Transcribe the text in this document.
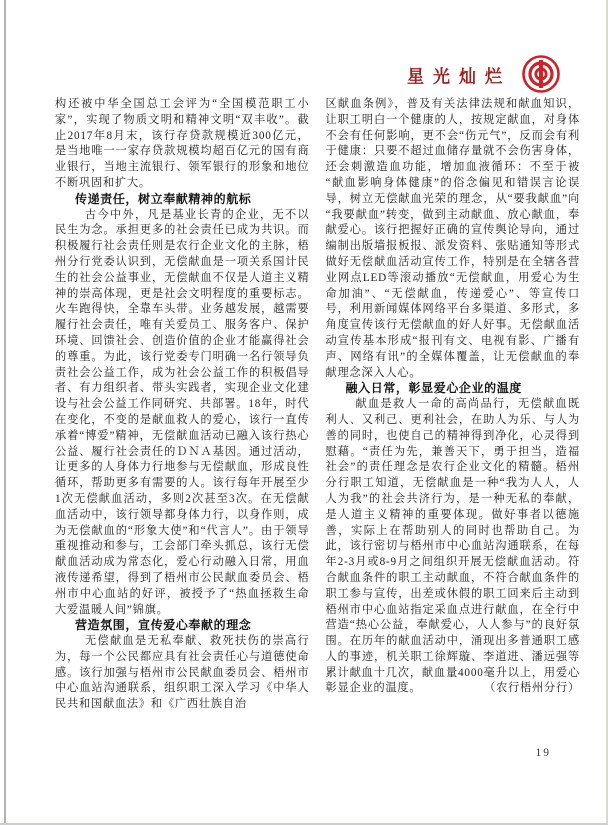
星光灿烂

构还被中华全国总工会评为“全国模范职工小家”，实现了物质文明和精神文明“双丰收”。截止2017年8月末，该行存贷款规模近300亿元，是当地唯一一家存贷款规模均超百亿元的国有商业银行，当地主流银行、领军银行的形象和地位不断巩固和扩大。

传递责任，树立奉献精神的航标

古今中外，凡是基业长青的企业，无不以民生为念。承担更多的社会责任已成为共识。而积极履行社会责任则是农行企业文化的主脉，梧州分行党委认识到，无偿献血是一项关系国计民生的社会公益事业，无偿献血不仅是人道主义精神的崇高体现，更是社会文明程度的重要标志。火车跑得快，全靠车头带。业务越发展，越需要履行社会责任，唯有关爱员工、服务客户、保护环境、回馈社会、创造价值的企业才能赢得社会的尊重。为此，该行党委专门明确一名行领导负责社会公益工作，成为社会公益工作的积极倡导者、有力组织者、带头实践者，实现企业文化建设与社会公益工作同研究、共部署。18年，时代在变化，不变的是献血救人的爱心，该行一直传承着“博爱”精神，无偿献血活动已融入该行热心公益、履行社会责任的ＤＮＡ基因。通过活动，让更多的人身体力行地参与无偿献血，形成良性循环，帮助更多有需要的人。该行每年开展至少1次无偿献血活动，多则2次甚至3次。在无偿献血活动中，该行领导都身体力行，以身作则，成为无偿献血的“形象大使”和“代言人”。由于领导重视推动和参与，工会部门牵头抓总，该行无偿献血活动成为常态化，爱心行动融入日常，用血液传递希望，得到了梧州市公民献血委员会、梧州市中心血站的好评，被授予了“热血拯救生命　大爱温暖人间”锦旗。

营造氛围，宣传爱心奉献的理念

无偿献血是无私奉献、救死扶伤的崇高行为，每一个公民都应具有社会责任心与道德使命感。该行加强与梧州市公民献血委员会、梧州市中心血站沟通联系，组织职工深入学习《中华人民共和国献血法》和《广西壮族自治

区献血条例》，普及有关法律法规和献血知识，让职工明白一个健康的人，按规定献血，对身体不会有任何影响，更不会“伤元气”，反而会有利于健康：只要不超过血储存量就不会伤害身体，还会刺激造血功能，增加血液循环：不至于被“献血影响身体健康”的俗念偏见和错误言论误导，树立无偿献血光荣的理念，从“要我献血”向“我要献血”转变，做到主动献血、放心献血，奉献爱心。该行把握好正确的宣传舆论导向，通过编制出版墙报板报、派发资料、张贴通知等形式做好无偿献血活动宣传工作，特别是在全辖各营业网点LED等滚动播放“无偿献血，用爱心为生命加油”、“无偿献血，传递爱心”、等宣传口号，利用新闻媒体网络平台多渠道、多形式，多角度宣传该行无偿献血的好人好事。无偿献血活动宣传基本形成“报刊有文、电视有影、广播有声、网络有讯”的全媒体覆盖，让无偿献血的奉献理念深入人心。

融入日常，彰显爱心企业的温度

献血是救人一命的高尚品行，无偿献血既利人、又利己、更利社会，在助人为乐、与人为善的同时，也使自己的精神得到净化，心灵得到慰藉。“责任为先，兼善天下，勇于担当，造福社会”的责任理念是农行企业文化的精髓。梧州分行职工知道，无偿献血是一种“我为人人，人人为我”的社会共济行为，是一种无私的奉献，是人道主义精神的重要体现。做好事者以德施善，实际上在帮助别人的同时也帮助自己。为此，该行密切与梧州市中心血站沟通联系，在每年2-3月或8-9月之间组织开展无偿献血活动。符合献血条件的职工主动献血，不符合献血条件的职工参与宣传，出差或休假的职工回来后主动到梧州市中心血站指定采血点进行献血，在全行中营造“热心公益，奉献爱心，人人参与”的良好氛围。在历年的献血活动中，涌现出多普通职工感人的事迹，机关职工徐辉璇、李道进、潘远强等累计献血十几次，献血量4000毫升以上，用爱心彰显企业的温度。	（农行梧州分行）

19
